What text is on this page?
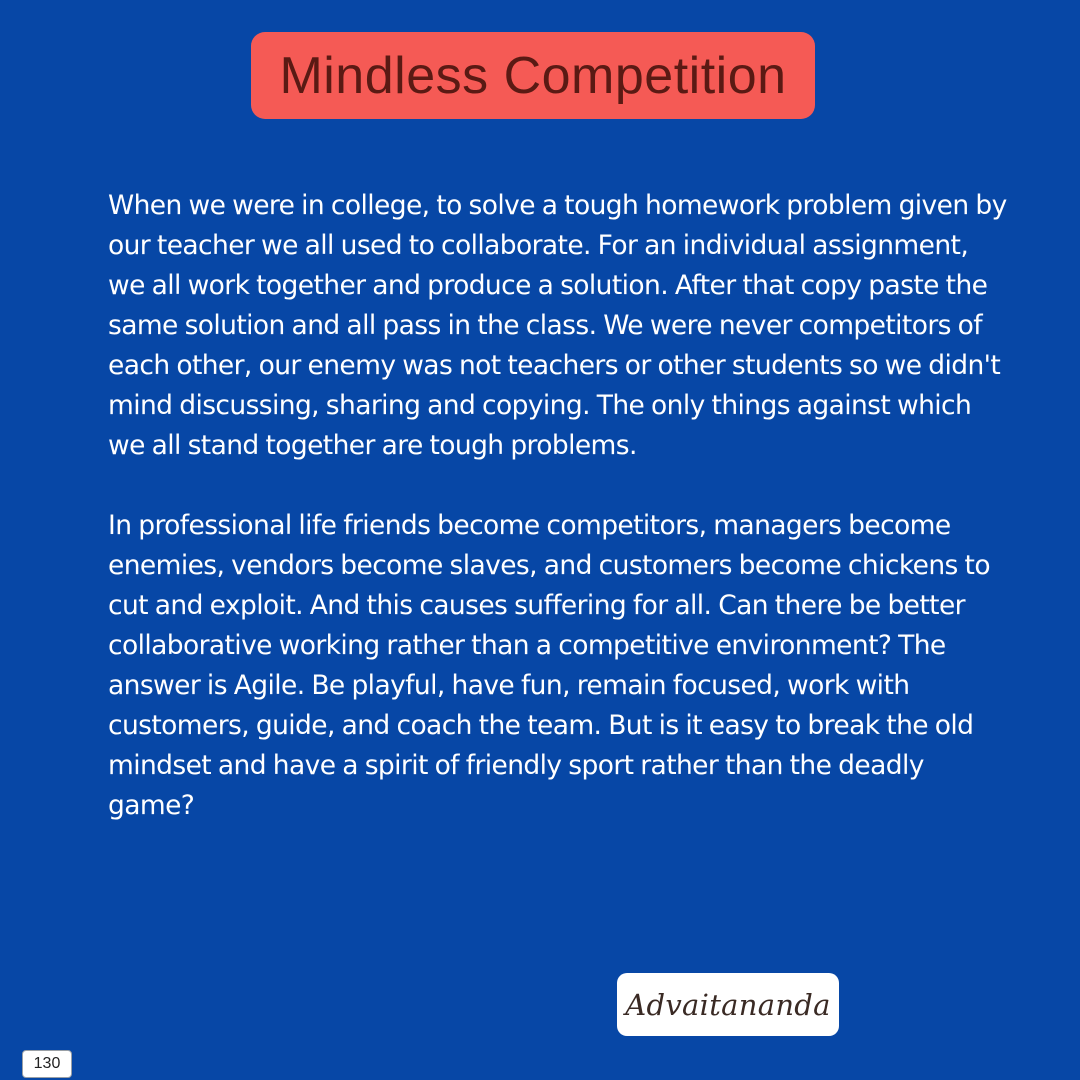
Mindless Competition

When we were in college, to solve a tough homework problem given by our teacher we all used to collaborate. For an individual assignment, we all work together and produce a solution. After that copy paste the same solution and all pass in the class. We were never competitors of each other, our enemy was not teachers or other students so we didn't mind discussing, sharing and copying. The only things against which we all stand together are tough problems.

In professional life friends become competitors, managers become enemies, vendors become slaves, and customers become chickens to cut and exploit. And this causes suffering for all. Can there be better collaborative working rather than a competitive environment? The answer is Agile. Be playful, have fun, remain focused, work with customers, guide, and coach the team. But is it easy to break the old mindset and have a spirit of friendly sport rather than the deadly game?

Advaitananda
130
